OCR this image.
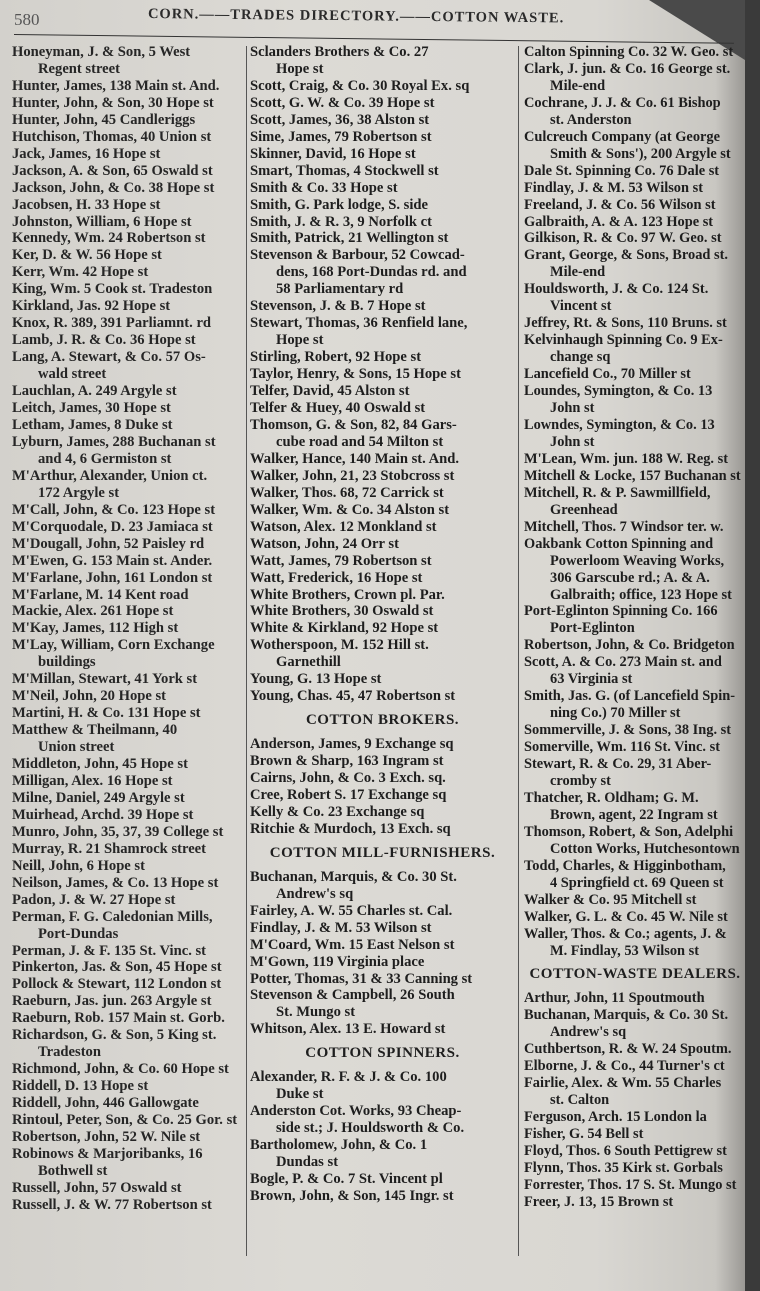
580	CORN.——TRADES DIRECTORY.——COTTON WASTE.
Honeyman, J. & Son, 5 West
Regent street
Hunter, James, 138 Main st. And.
Hunter, John, & Son, 30 Hope st
Hunter, John, 45 Candleriggs
Hutchison, Thomas, 40 Union st
Jack, James, 16 Hope st
Jackson, A. & Son, 65 Oswald st
Jackson, John, & Co. 38 Hope st
Jacobsen, H. 33 Hope st
Johnston, William, 6 Hope st
Kennedy, Wm. 24 Robertson st
Ker, D. & W. 56 Hope st
Kerr, Wm. 42 Hope st
King, Wm. 5 Cook st. Tradeston
Kirkland, Jas. 92 Hope st
Knox, R. 389, 391 Parliamnt. rd
Lamb, J. R. & Co. 36 Hope st
Lang, A. Stewart, & Co. 57 Os-
wald street
Lauchlan, A. 249 Argyle st
Leitch, James, 30 Hope st
Letham, James, 8 Duke st
Lyburn, James, 288 Buchanan st
and 4, 6 Germiston st
M'Arthur, Alexander, Union ct.
172 Argyle st
M'Call, John, & Co. 123 Hope st
M'Corquodale, D. 23 Jamiaca st
M'Dougall, John, 52 Paisley rd
M'Ewen, G. 153 Main st. Ander.
M'Farlane, John, 161 London st
M'Farlane, M. 14 Kent road
Mackie, Alex. 261 Hope st
M'Kay, James, 112 High st
M'Lay, William, Corn Exchange
buildings
M'Millan, Stewart, 41 York st
M'Neil, John, 20 Hope st
Martini, H. & Co. 131 Hope st
Matthew & Theilmann, 40
Union street
Middleton, John, 45 Hope st
Milligan, Alex. 16 Hope st
Milne, Daniel, 249 Argyle st
Muirhead, Archd. 39 Hope st
Munro, John, 35, 37, 39 College st
Murray, R. 21 Shamrock street
Neill, John, 6 Hope st
Neilson, James, & Co. 13 Hope st
Padon, J. & W. 27 Hope st
Perman, F. G. Caledonian Mills,
Port-Dundas
Perman, J. & F. 135 St. Vinc. st
Pinkerton, Jas. & Son, 45 Hope st
Pollock & Stewart, 112 London st
Raeburn, Jas. jun. 263 Argyle st
Raeburn, Rob. 157 Main st. Gorb.
Richardson, G. & Son, 5 King st.
Tradeston
Richmond, John, & Co. 60 Hope st
Riddell, D. 13 Hope st
Riddell, John, 446 Gallowgate
Rintoul, Peter, Son, & Co. 25 Gor. st
Robertson, John, 52 W. Nile st
Robinows & Marjoribanks, 16
Bothwell st
Russell, John, 57 Oswald st
Russell, J. & W. 77 Robertson st
Sclanders Brothers & Co. 27
Hope st
Scott, Craig, & Co. 30 Royal Ex. sq
Scott, G. W. & Co. 39 Hope st
Scott, James, 36, 38 Alston st
Sime, James, 79 Robertson st
Skinner, David, 16 Hope st
Smart, Thomas, 4 Stockwell st
Smith & Co. 33 Hope st
Smith, G. Park lodge, S. side
Smith, J. & R. 3, 9 Norfolk ct
Smith, Patrick, 21 Wellington st
Stevenson & Barbour, 52 Cowcad-
dens, 168 Port-Dundas rd. and
58 Parliamentary rd
Stevenson, J. & B. 7 Hope st
Stewart, Thomas, 36 Renfield lane,
Hope st
Stirling, Robert, 92 Hope st
Taylor, Henry, & Sons, 15 Hope st
Telfer, David, 45 Alston st
Telfer & Huey, 40 Oswald st
Thomson, G. & Son, 82, 84 Gars-
cube road and 54 Milton st
Walker, Hance, 140 Main st. And.
Walker, John, 21, 23 Stobcross st
Walker, Thos. 68, 72 Carrick st
Walker, Wm. & Co. 34 Alston st
Watson, Alex. 12 Monkland st
Watson, John, 24 Orr st
Watt, James, 79 Robertson st
Watt, Frederick, 16 Hope st
White Brothers, Crown pl. Par.
White Brothers, 30 Oswald st
White & Kirkland, 92 Hope st
Wotherspoon, M. 152 Hill st.
Garnethill
Young, G. 13 Hope st
Young, Chas. 45, 47 Robertson st
COTTON BROKERS.
Anderson, James, 9 Exchange sq
Brown & Sharp, 163 Ingram st
Cairns, John, & Co. 3 Exch. sq.
Cree, Robert S. 17 Exchange sq
Kelly & Co. 23 Exchange sq
Ritchie & Murdoch, 13 Exch. sq
COTTON MILL-FURNISHERS.
Buchanan, Marquis, & Co. 30 St.
Andrew's sq
Fairley, A. W. 55 Charles st. Cal.
Findlay, J. & M. 53 Wilson st
M'Coard, Wm. 15 East Nelson st
M'Gown, 119 Virginia place
Potter, Thomas, 31 & 33 Canning st
Stevenson & Campbell, 26 South
St. Mungo st
Whitson, Alex. 13 E. Howard st
COTTON SPINNERS.
Alexander, R. F. & J. & Co. 100
Duke st
Anderston Cot. Works, 93 Cheap-
side st.; J. Houldsworth & Co.
Bartholomew, John, & Co. 1
Dundas st
Bogle, P. & Co. 7 St. Vincent pl
Brown, John, & Son, 145 Ingr. st
Calton Spinning Co. 32 W. Geo. st
Clark, J. jun. & Co. 16 George st.
Mile-end
Cochrane, J. J. & Co. 61 Bishop
st. Anderston
Culcreuch Company (at George
Smith & Sons'), 200 Argyle st
Dale St. Spinning Co. 76 Dale st
Findlay, J. & M. 53 Wilson st
Freeland, J. & Co. 56 Wilson st
Galbraith, A. & A. 123 Hope st
Gilkison, R. & Co. 97 W. Geo. st
Grant, George, & Sons, Broad st.
Mile-end
Houldsworth, J. & Co. 124 St.
Vincent st
Jeffrey, Rt. & Sons, 110 Bruns. st
Kelvinhaugh Spinning Co. 9 Ex-
change sq
Lancefield Co., 70 Miller st
Loundes, Symington, & Co. 13
John st
Lowndes, Symington, & Co. 13
John st
M'Lean, Wm. jun. 188 W. Reg. st
Mitchell & Locke, 157 Buchanan st
Mitchell, R. & P. Sawmillfield,
Greenhead
Mitchell, Thos. 7 Windsor ter. w.
Oakbank Cotton Spinning and
Powerloom Weaving Works,
306 Garscube rd.; A. & A.
Galbraith; office, 123 Hope st
Port-Eglinton Spinning Co. 166
Port-Eglinton
Robertson, John, & Co. Bridgeton
Scott, A. & Co. 273 Main st. and
63 Virginia st
Smith, Jas. G. (of Lancefield Spin-
ning Co.) 70 Miller st
Sommerville, J. & Sons, 38 Ing. st
Somerville, Wm. 116 St. Vinc. st
Stewart, R. & Co. 29, 31 Aber-
cromby st
Thatcher, R. Oldham; G. M.
Brown, agent, 22 Ingram st
Thomson, Robert, & Son, Adelphi
Cotton Works, Hutchesontown
Todd, Charles, & Higginbotham,
4 Springfield ct. 69 Queen st
Walker & Co. 95 Mitchell st
Walker, G. L. & Co. 45 W. Nile st
Waller, Thos. & Co.; agents, J. &
M. Findlay, 53 Wilson st
COTTON-WASTE DEALERS.
Arthur, John, 11 Spoutmouth
Buchanan, Marquis, & Co. 30 St.
Andrew's sq
Cuthbertson, R. & W. 24 Spoutm.
Elborne, J. & Co., 44 Turner's ct
Fairlie, Alex. & Wm. 55 Charles
st. Calton
Ferguson, Arch. 15 London la
Fisher, G. 54 Bell st
Floyd, Thos. 6 South Pettigrew st
Flynn, Thos. 35 Kirk st. Gorbals
Forrester, Thos. 17 S. St. Mungo st
Freer, J. 13, 15 Brown st
